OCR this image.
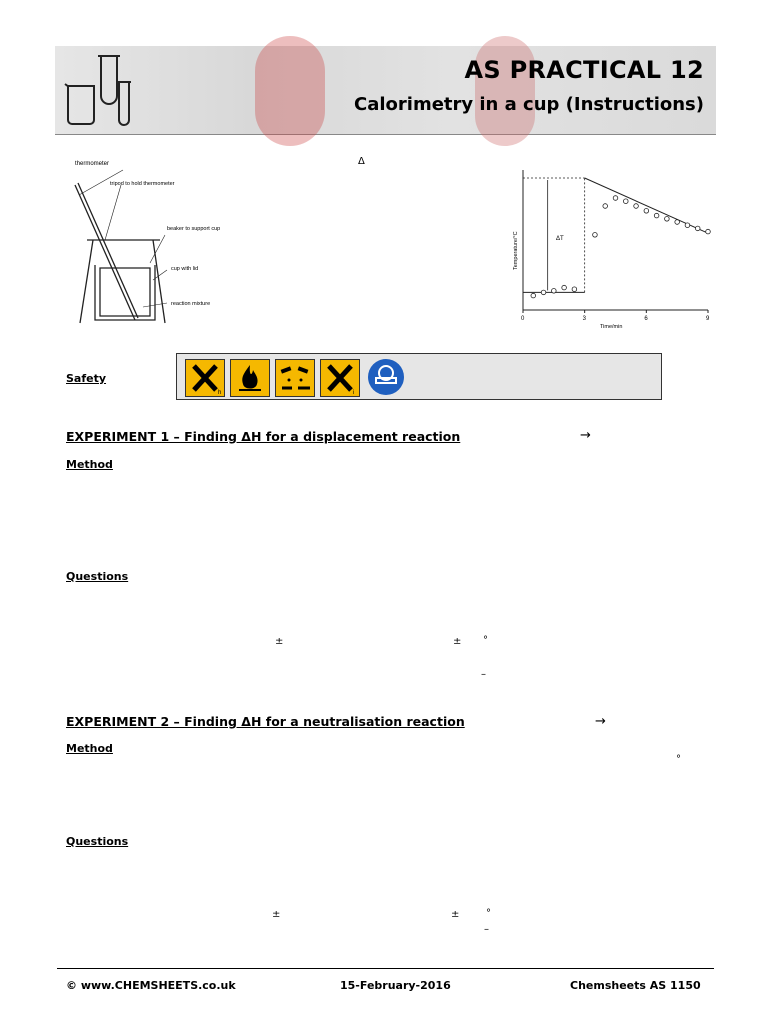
AS PRACTICAL 12
Calorimetry in a cup (Instructions)
thermometer
tripod to hold thermometer
beaker to support cup
cup with lid
reaction mixture
Δ
Temperature/°C
Time/min
ΔT
0	3	6	9
Safety
h	i
EXPERIMENT 1 – Finding ΔH for a displacement reaction	→
Method
Questions
±	± °
–
EXPERIMENT 2 – Finding ΔH for a neutralisation reaction	→
Method
°
Questions
±	±	°
–
© www.CHEMSHEETS.co.uk	15-February-2016	Chemsheets AS 1150
